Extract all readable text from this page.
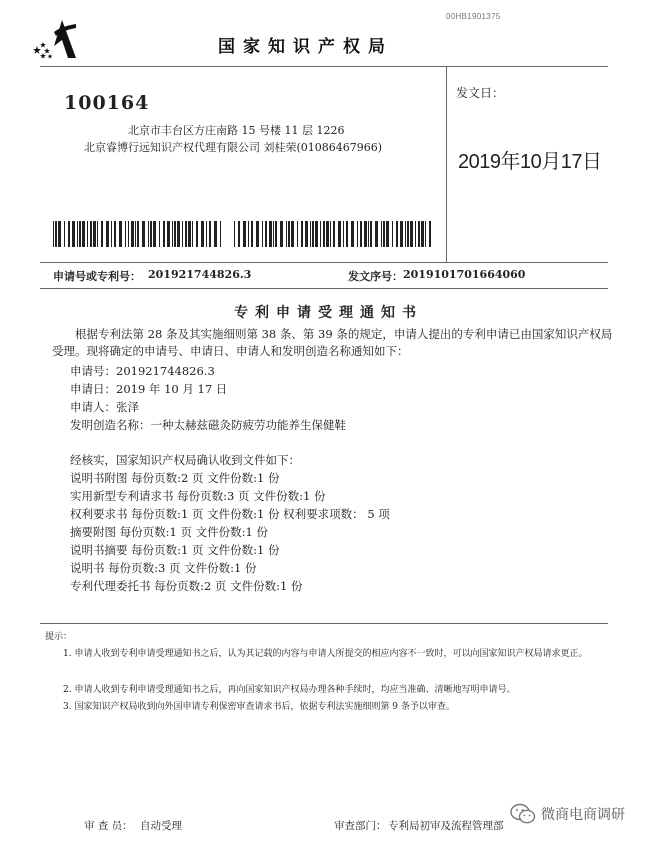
00HB1901375
国家知识产权局
100164
北京市丰台区方庄南路 15 号楼 11 层 1226
北京睿博行远知识产权代理有限公司 刘桂荣(01086467966)
发文日：
2019年10月17日
申请号或专利号： 201921744826.3	发文序号： 2019101701664060
专利申请受理通知书
根据专利法第 28 条及其实施细则第 38 条、第 39 条的规定，申请人提出的专利申请已由国家知识产权局受理。现将确定的申请号、申请日、申请人和发明创造名称通知如下：
申请号：201921744826.3
申请日：2019 年 10 月 17 日
申请人：张泽
发明创造名称：一种太赫兹磁灸防疲劳功能养生保健鞋
经核实，国家知识产权局确认收到文件如下：
说明书附图 每份页数:2 页 文件份数:1 份
实用新型专利请求书 每份页数:3 页 文件份数:1 份
权利要求书 每份页数:1 页 文件份数:1 份 权利要求项数： 5 项
摘要附图 每份页数:1 页 文件份数:1 份
说明书摘要 每份页数:1 页 文件份数:1 份
说明书 每份页数:3 页 文件份数:1 份
专利代理委托书 每份页数:2 页 文件份数:1 份
提示：
1. 申请人收到专利申请受理通知书之后，认为其记载的内容与申请人所提交的相应内容不一致时，可以向国家知识产权局请求更正。
2. 申请人收到专利申请受理通知书之后，再向国家知识产权局办理各种手续时，均应当准确、清晰地写明申请号。
3. 国家知识产权局收到向外国申请专利保密审查请求书后，依据专利法实施细则第 9 条予以审查。
审 查 员： 自动受理	审查部门： 专利局初审及流程管理部
微商电商调研
